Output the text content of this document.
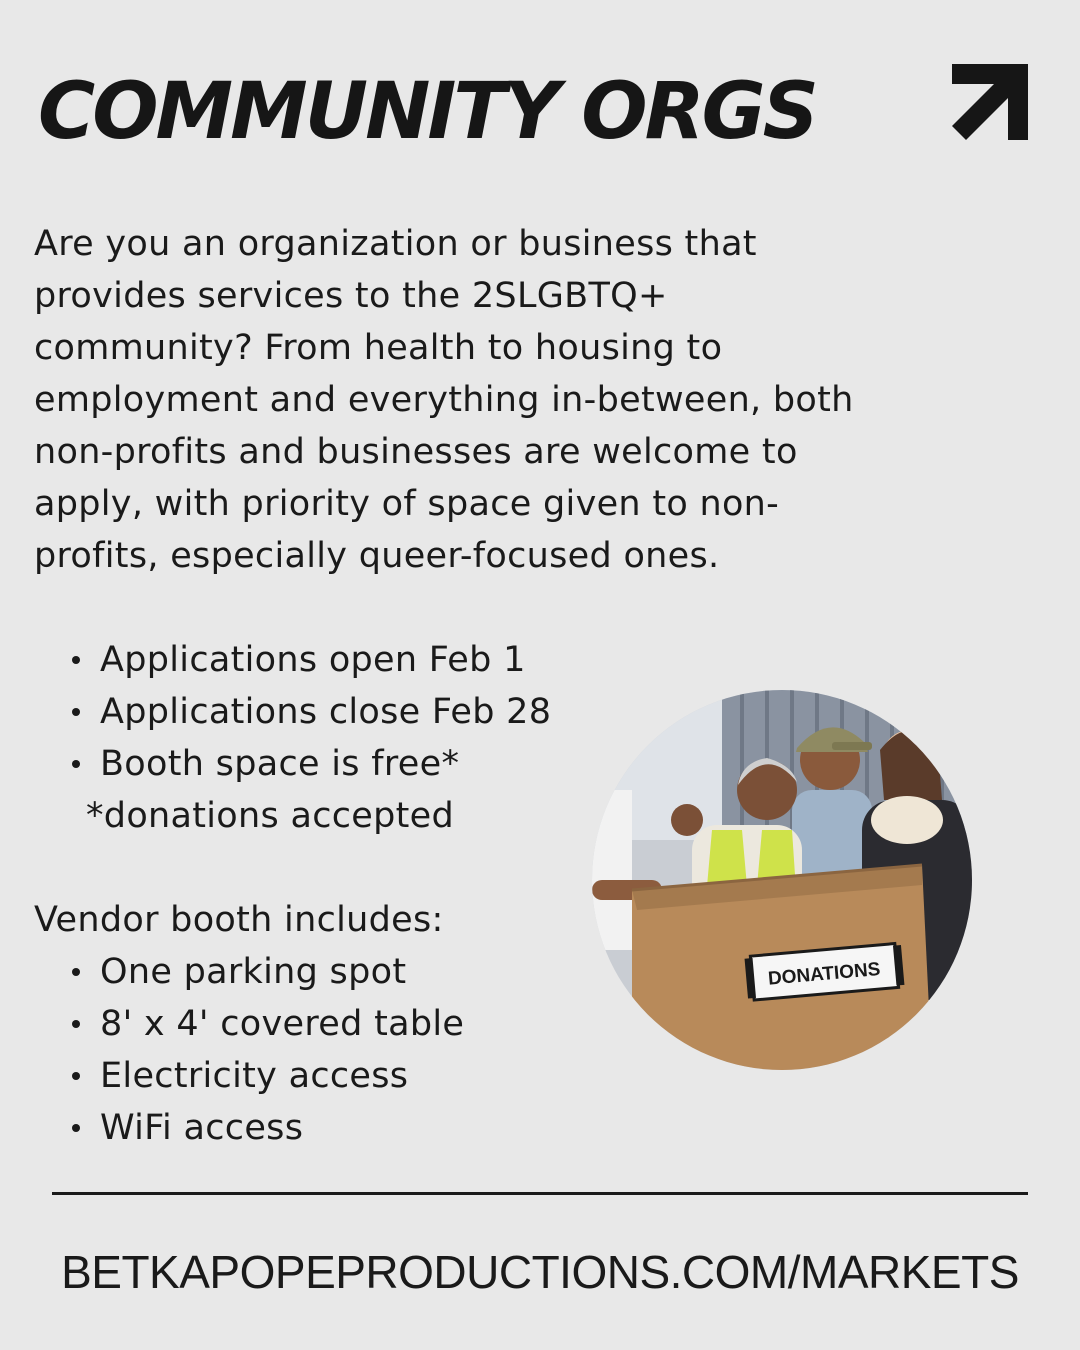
COMMUNITY ORGS

Are you an organization or business that
provides services to the 2SLGBTQ+
community? From health to housing to
employment and everything in-between, both
non-profits and businesses are welcome to
apply, with priority of space given to non-
profits, especially queer-focused ones.

Applications open Feb 1
Applications close Feb 28
Booth space is free*
*donations accepted
Vendor booth includes:
One parking spot
8' x 4' covered table
Electricity access
WiFi access
DONATIONS
BETKAPOPEPRODUCTIONS.COM/MARKETS
